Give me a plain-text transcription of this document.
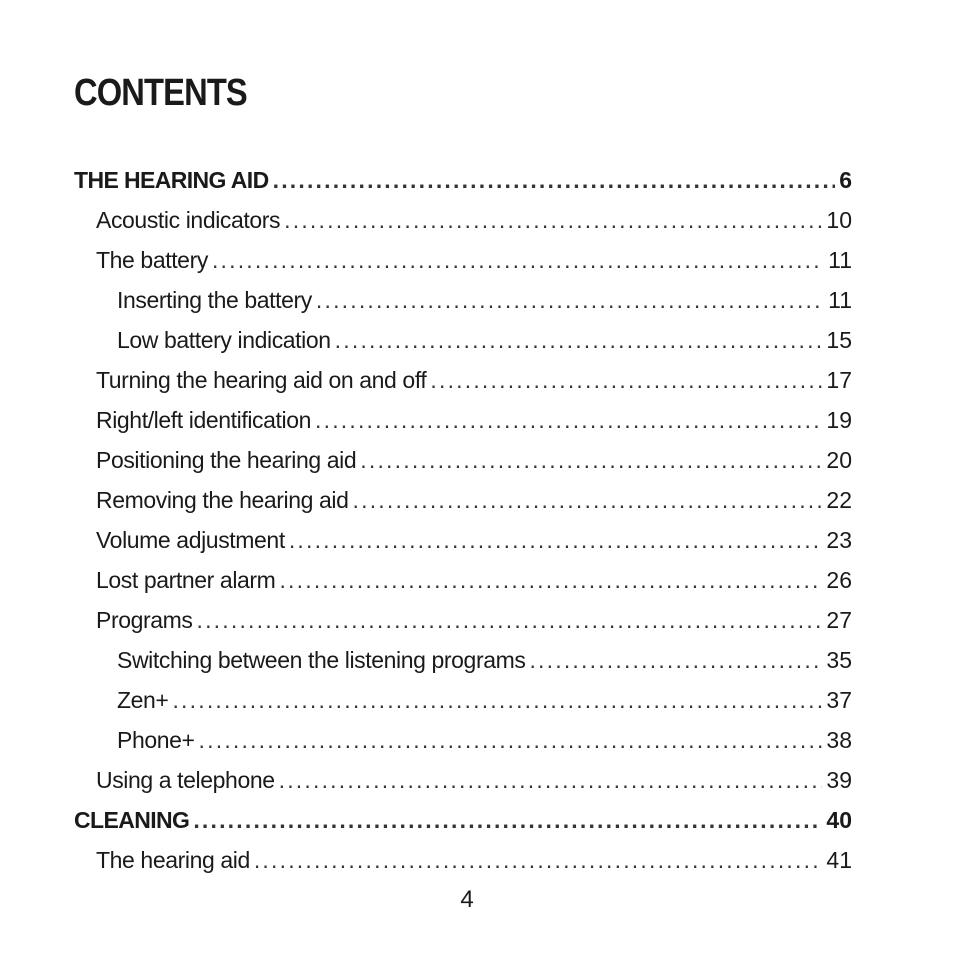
CONTENTS
THE HEARING AID .....	6
Acoustic indicators .....	10
The battery .....	11
Inserting the battery .....	11
Low battery indication .....	15
Turning the hearing aid on and off .....	17
Right/left identification .....	19
Positioning the hearing aid .....	20
Removing the hearing aid .....	22
Volume adjustment .....	23
Lost partner alarm .....	26
Programs .....	27
Switching between the listening programs .....	35
Zen+ .....	37
Phone+ .....	38
Using a telephone .....	39
CLEANING .....	40
The hearing aid .....	41
4
